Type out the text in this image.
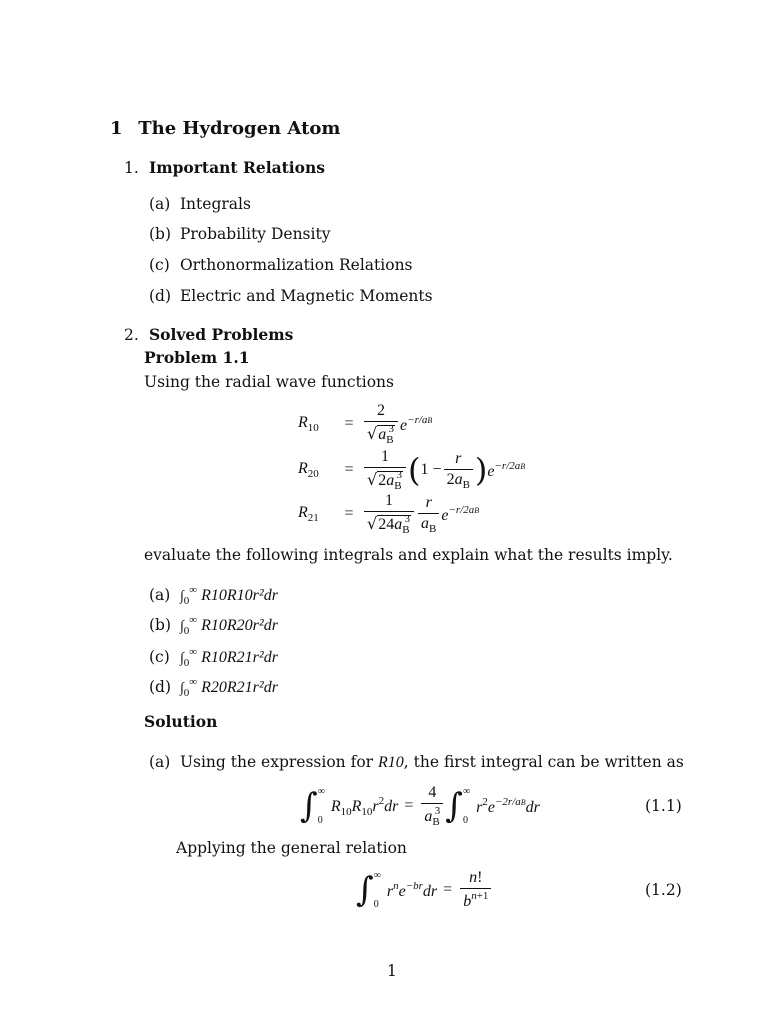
1 The Hydrogen Atom
1. Important Relations
(a) Integrals
(b) Probability Density
(c) Orthonormalization Relations
(d) Electric and Magnetic Moments
2. Solved Problems
Problem 1.1
Using the radial wave functions
$R_{10}$	= $\frac{2}{√a_B^3} e^{-r/aB}$
$R_{20}$	= $\frac{1}{√2a_B^3}$ ( $1 - \frac{r}{2a_B}$ ) $e^{-r/2aB}$
$R_{21}$	= $\frac{1}{√24a_B^3} \frac{r}{a_B} e^{-r/2aB}$
evaluate the following integrals and explain what the results imply.
(a) $\int_0^\infty$ R10R10r²dr
(b) $\int_0^\infty$ R10R20r²dr
(c) $\int_0^\infty$ R10R21r²dr
(d) $\int_0^\infty$ R20R21r²dr
Solution
(a) Using the expression for R10, the first integral can be written as
∫ ∞
0
$R_{10}R_{10}r^2dr = \frac{4}{a_B^3}$ ∫ ∞
0
$r^2e^{-2r/aB}dr$	(1.1)
Applying the general relation
∫ ∞
0
$r^ne^{-br}dr = \frac{n!}{b^{n+1}}$	(1.2)
1
